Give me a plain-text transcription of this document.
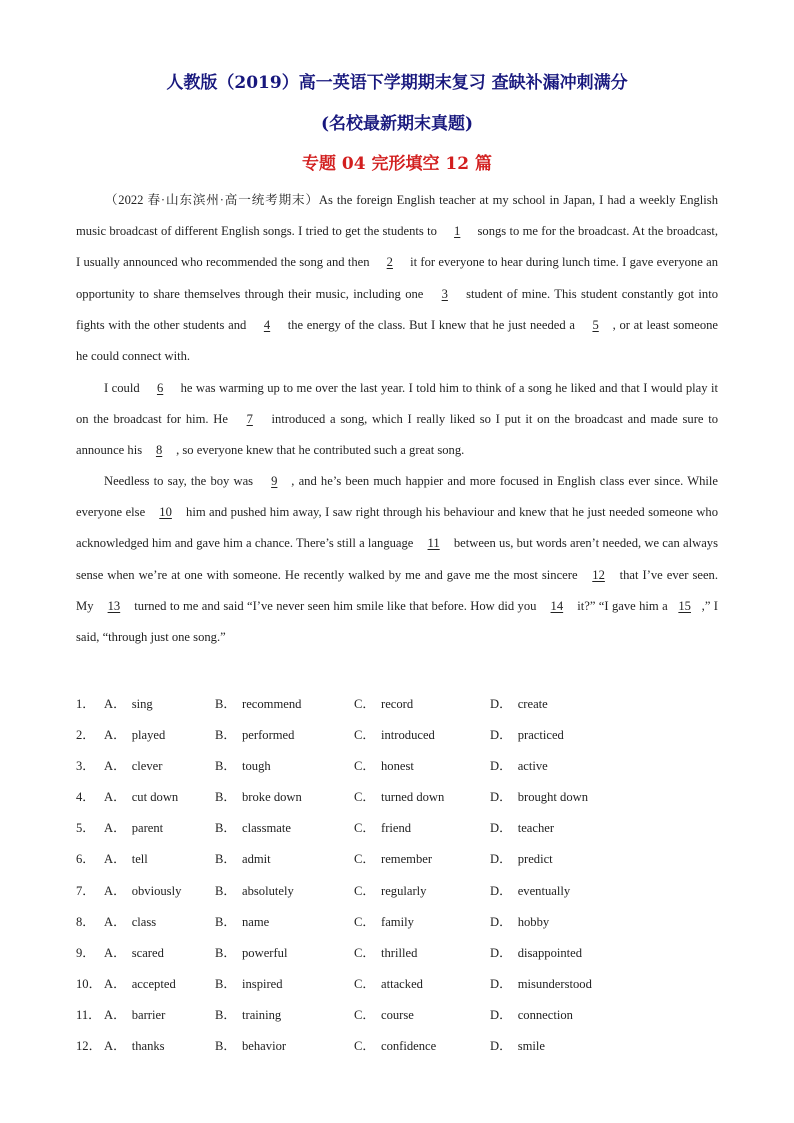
人教版（2019）高一英语下学期期末复习 查缺补漏冲刺满分
(名校最新期末真题)
专题 04 完形填空 12 篇

（2022 春·山东滨州·高一统考期末）As the foreign English teacher at my school in Japan, I had a weekly English music broadcast of different English songs. I tried to get the students to 1 songs to me for the broadcast. At the broadcast, I usually announced who recommended the song and then 2 it for everyone to hear during lunch time. I gave everyone an opportunity to share themselves through their music, including one 3 student of mine. This student constantly got into fights with the other students and 4 the energy of the class. But I knew that he just needed a 5 , or at least someone he could connect with.

I could 6 he was warming up to me over the last year. I told him to think of a song he liked and that I would play it on the broadcast for him. He 7 introduced a song, which I really liked so I put it on the broadcast and made sure to announce his 8 , so everyone knew that he contributed such a great song.

Needless to say, the boy was 9 , and he’s been much happier and more focused in English class ever since. While everyone else 10 him and pushed him away, I saw right through his behaviour and knew that he just needed someone who acknowledged him and gave him a chance. There’s still a language 11 between us, but words aren’t needed, we can always sense when we’re at one with someone. He recently walked by me and gave me the most sincere 12 that I’ve ever seen. My 13 turned to me and said “I’ve never seen him smile like that before. How did you 14 it?” “I gave him a 15 ,” I said, “through just one song.”

1． A． sing	B． recommend	C． record	D． create
2． A． played	B． performed	C． introduced	D． practiced
3． A． clever	B． tough	C． honest	D． active
4． A． cut down	B． broke down	C． turned down	D． brought down
5． A． parent	B． classmate	C． friend	D． teacher
6． A． tell	B． admit	C． remember	D． predict
7． A． obviously	B． absolutely	C． regularly	D． eventually
8． A． class	B． name	C． family	D． hobby
9． A． scared	B． powerful	C． thrilled	D． disappointed
10． A． accepted	B． inspired	C． attacked	D． misunderstood
11． A． barrier	B． training	C． course	D． connection
12． A． thanks	B． behavior	C． confidence	D． smile
